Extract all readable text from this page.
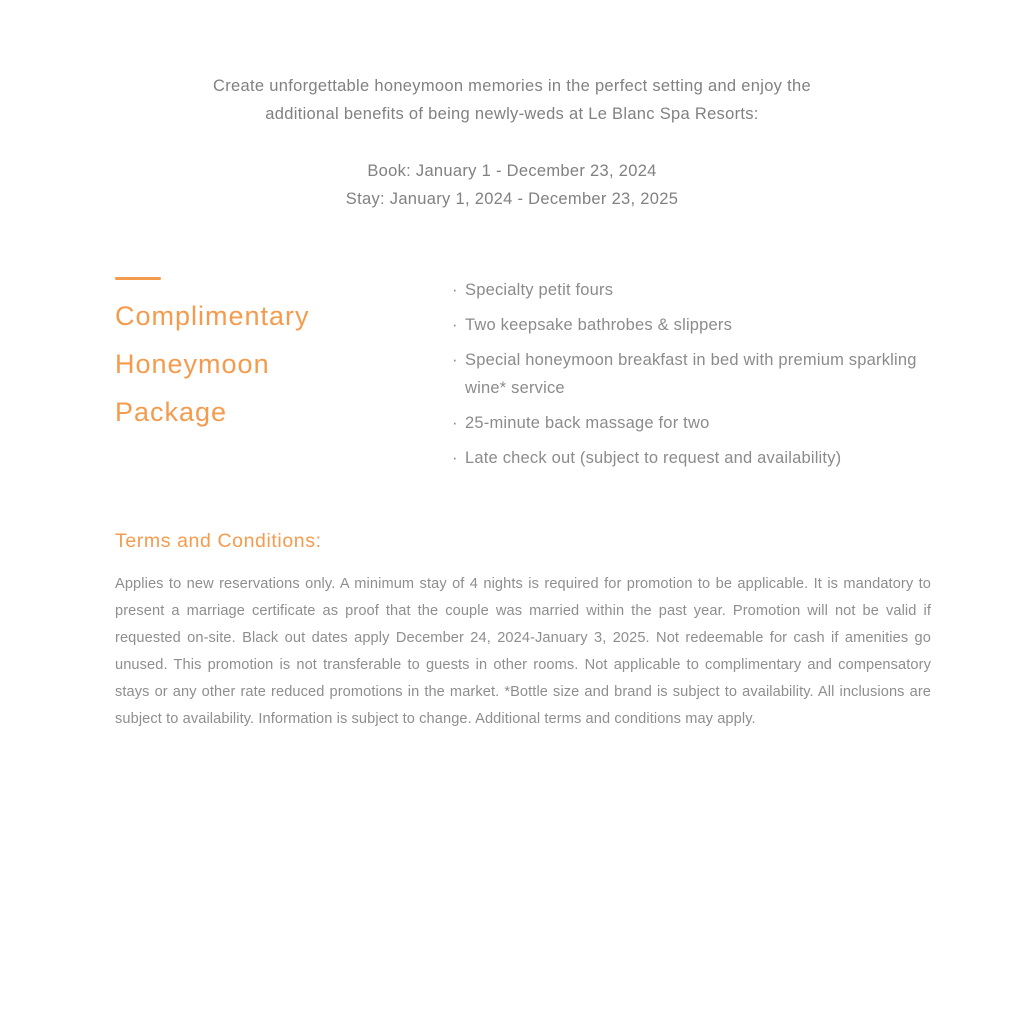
Create unforgettable honeymoon memories in the perfect setting and enjoy the
additional benefits of being newly-weds at Le Blanc Spa Resorts:
Book: January 1 - December 23, 2024
Stay: January 1, 2024 - December 23, 2025
Complimentary
Honeymoon
Package
· Specialty petit fours
· Two keepsake bathrobes & slippers
· Special honeymoon breakfast in bed with premium sparkling wine* service
· 25-minute back massage for two
· Late check out (subject to request and availability)
Terms and Conditions:

Applies to new reservations only. A minimum stay of 4 nights is required for promotion to be applicable. It is mandatory to present a marriage certificate as proof that the couple was married within the past year. Promotion will not be valid if requested on-site. Black out dates apply December 24, 2024-January 3, 2025. Not redeemable for cash if amenities go unused. This promotion is not transferable to guests in other rooms. Not applicable to complimentary and compensatory stays or any other rate reduced promotions in the market. *Bottle size and brand is subject to availability. All inclusions are subject to availability. Information is subject to change. Additional terms and conditions may apply.
